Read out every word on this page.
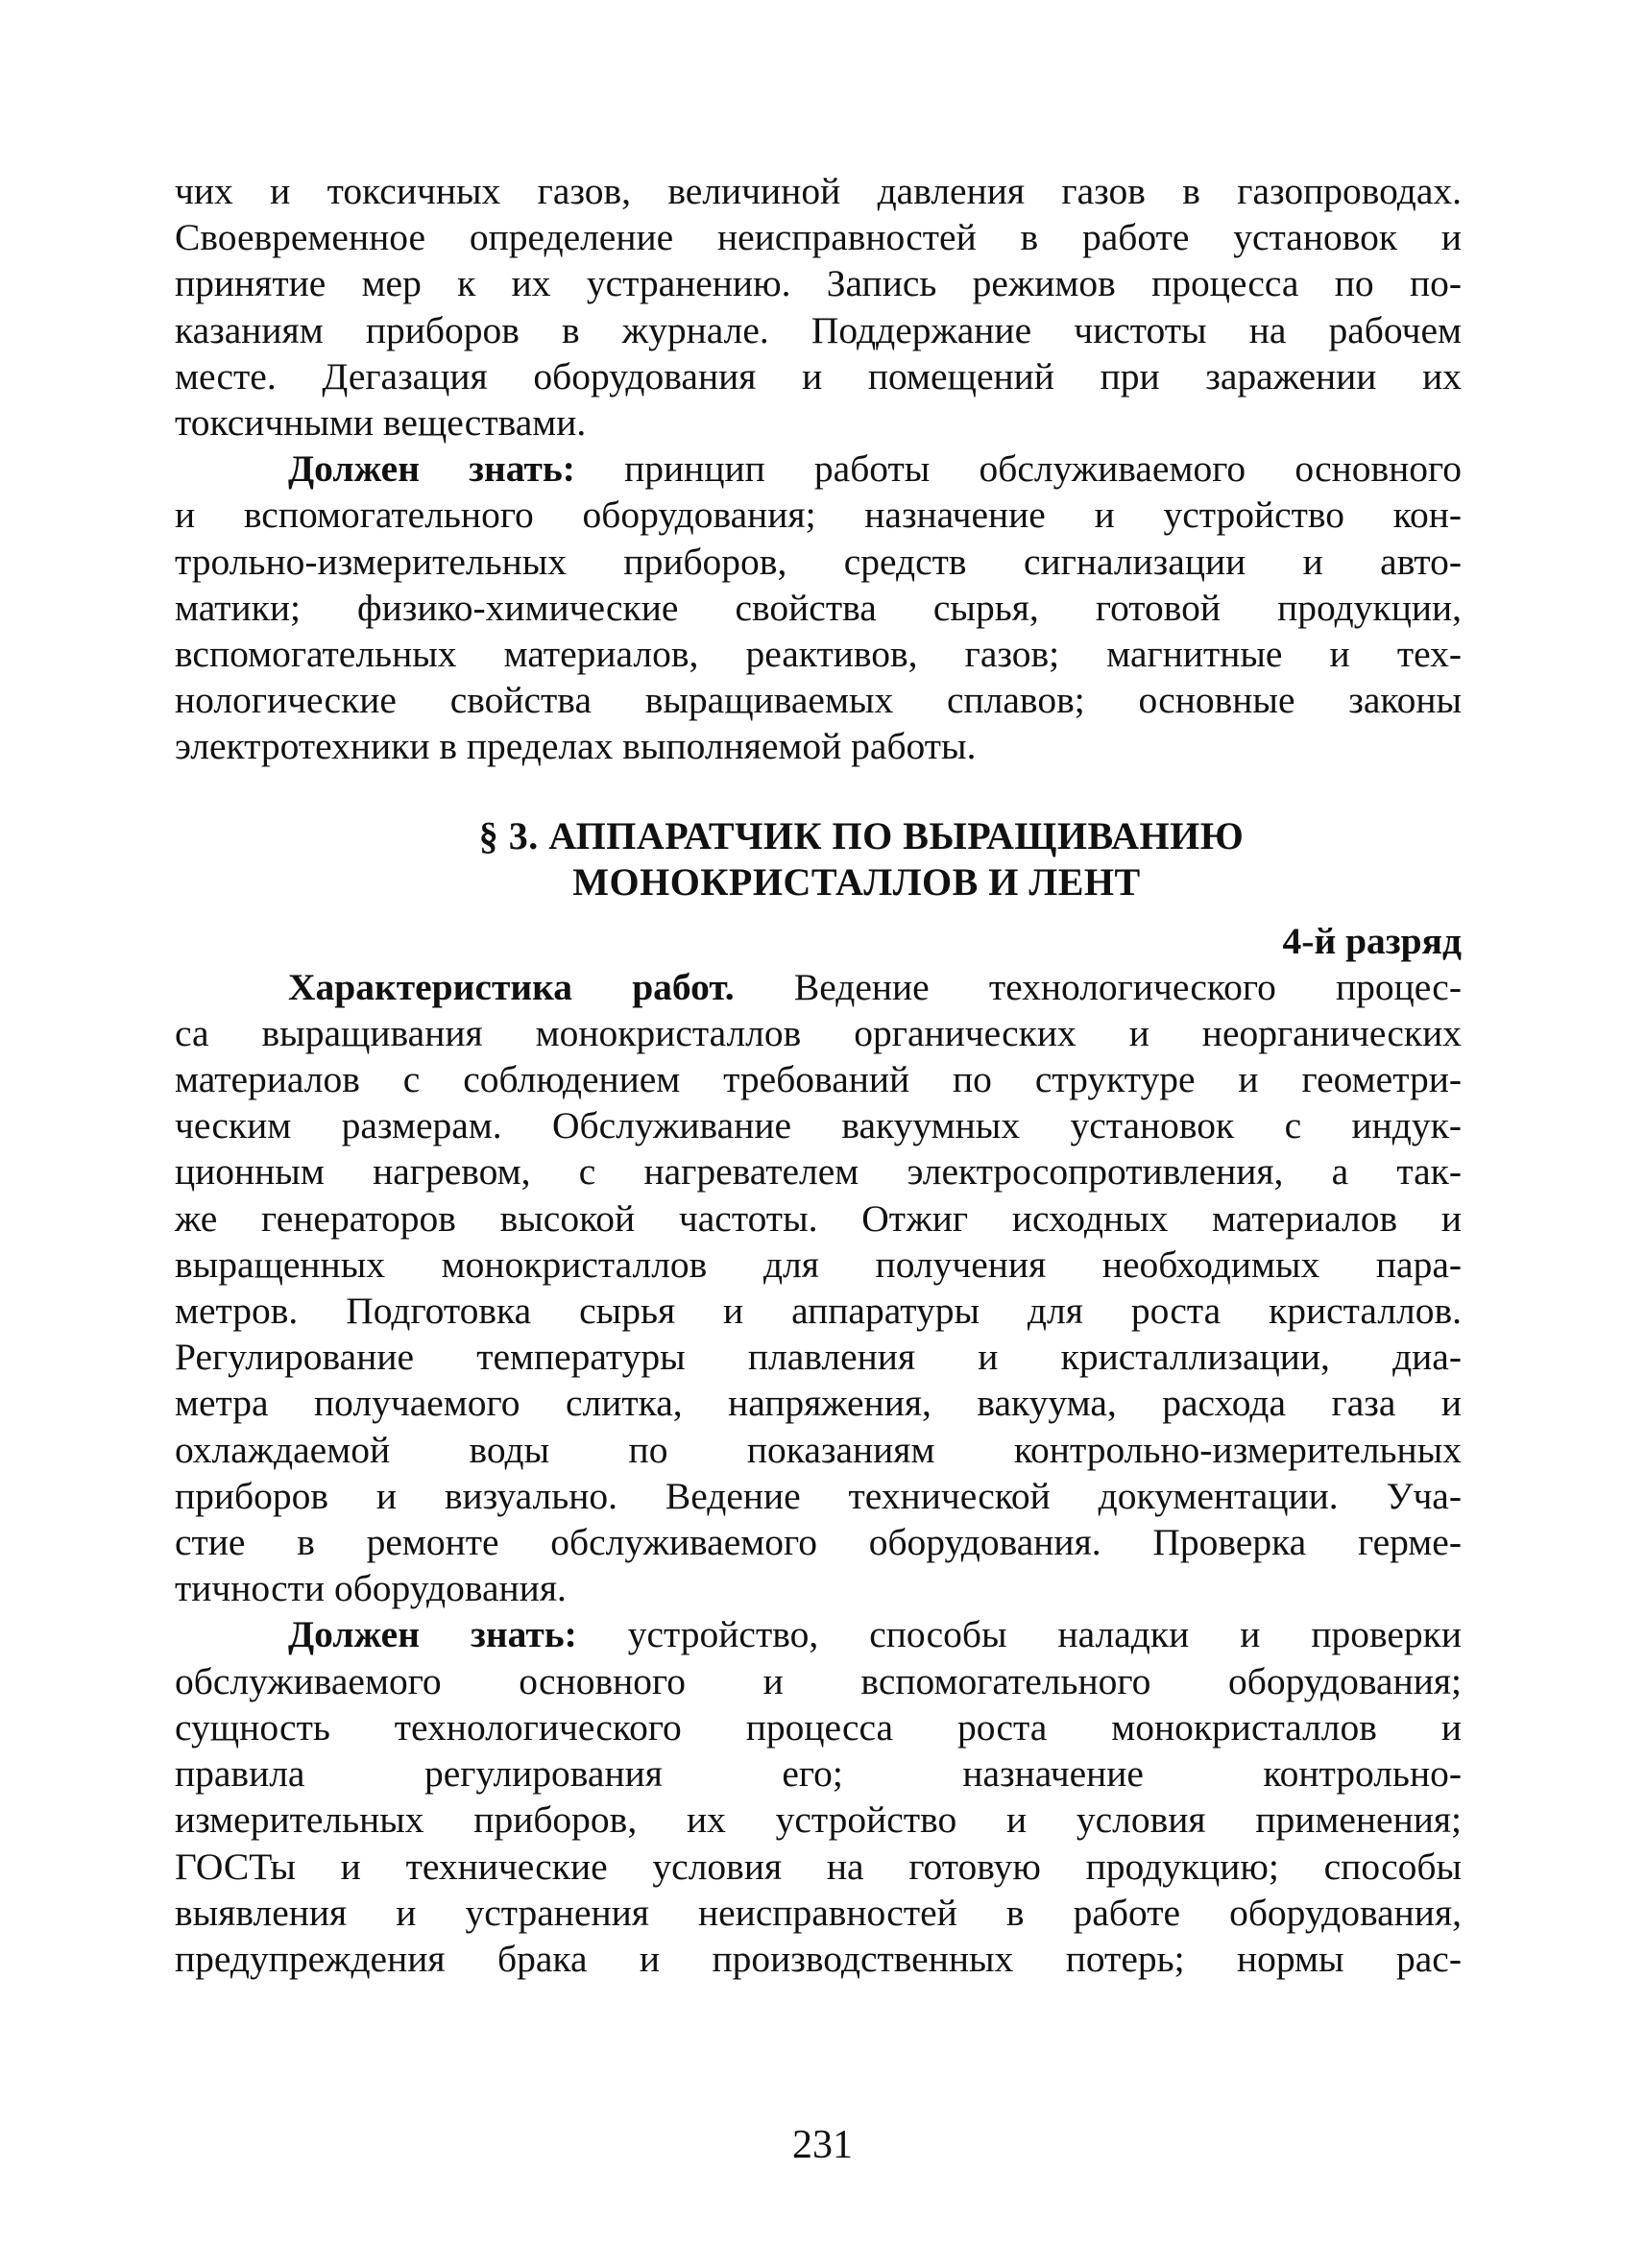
чих и токсичных газов, величиной давления газов в газопроводах.
Своевременное определение неисправностей в работе установок и
принятие мер к их устранению. Запись режимов процесса по по-
казаниям приборов в журнале. Поддержание чистоты на рабочем
месте. Дегазация оборудования и помещений при заражении их
токсичными веществами.
Должен знать: принцип работы обслуживаемого основного
и вспомогательного оборудования; назначение и устройство кон-
трольно-измерительных приборов, средств сигнализации и авто-
матики; физико-химические свойства сырья, готовой продукции,
вспомогательных материалов, реактивов, газов; магнитные и тех-
нологические свойства выращиваемых сплавов; основные законы
электротехники в пределах выполняемой работы.
§ 3. АППАРАТЧИК ПО ВЫРАЩИВАНИЮ
МОНОКРИСТАЛЛОВ И ЛЕНТ
4-й разряд
Характеристика работ. Ведение технологического процес-
са выращивания монокристаллов органических и неорганических
материалов с соблюдением требований по структуре и геометри-
ческим размерам. Обслуживание вакуумных установок с индук-
ционным нагревом, с нагревателем электросопротивления, а так-
же генераторов высокой частоты. Отжиг исходных материалов и
выращенных монокристаллов для получения необходимых пара-
метров. Подготовка сырья и аппаратуры для роста кристаллов.
Регулирование температуры плавления и кристаллизации, диа-
метра получаемого слитка, напряжения, вакуума, расхода газа и
охлаждаемой воды по показаниям контрольно-измерительных
приборов и визуально. Ведение технической документации. Уча-
стие в ремонте обслуживаемого оборудования. Проверка герме-
тичности оборудования.
Должен знать: устройство, способы наладки и проверки
обслуживаемого основного и вспомогательного оборудования;
сущность технологического процесса роста монокристаллов и
правила регулирования его; назначение контрольно-
измерительных приборов, их устройство и условия применения;
ГОСТы и технические условия на готовую продукцию; способы
выявления и устранения неисправностей в работе оборудования,
предупреждения брака и производственных потерь; нормы рас-
231
